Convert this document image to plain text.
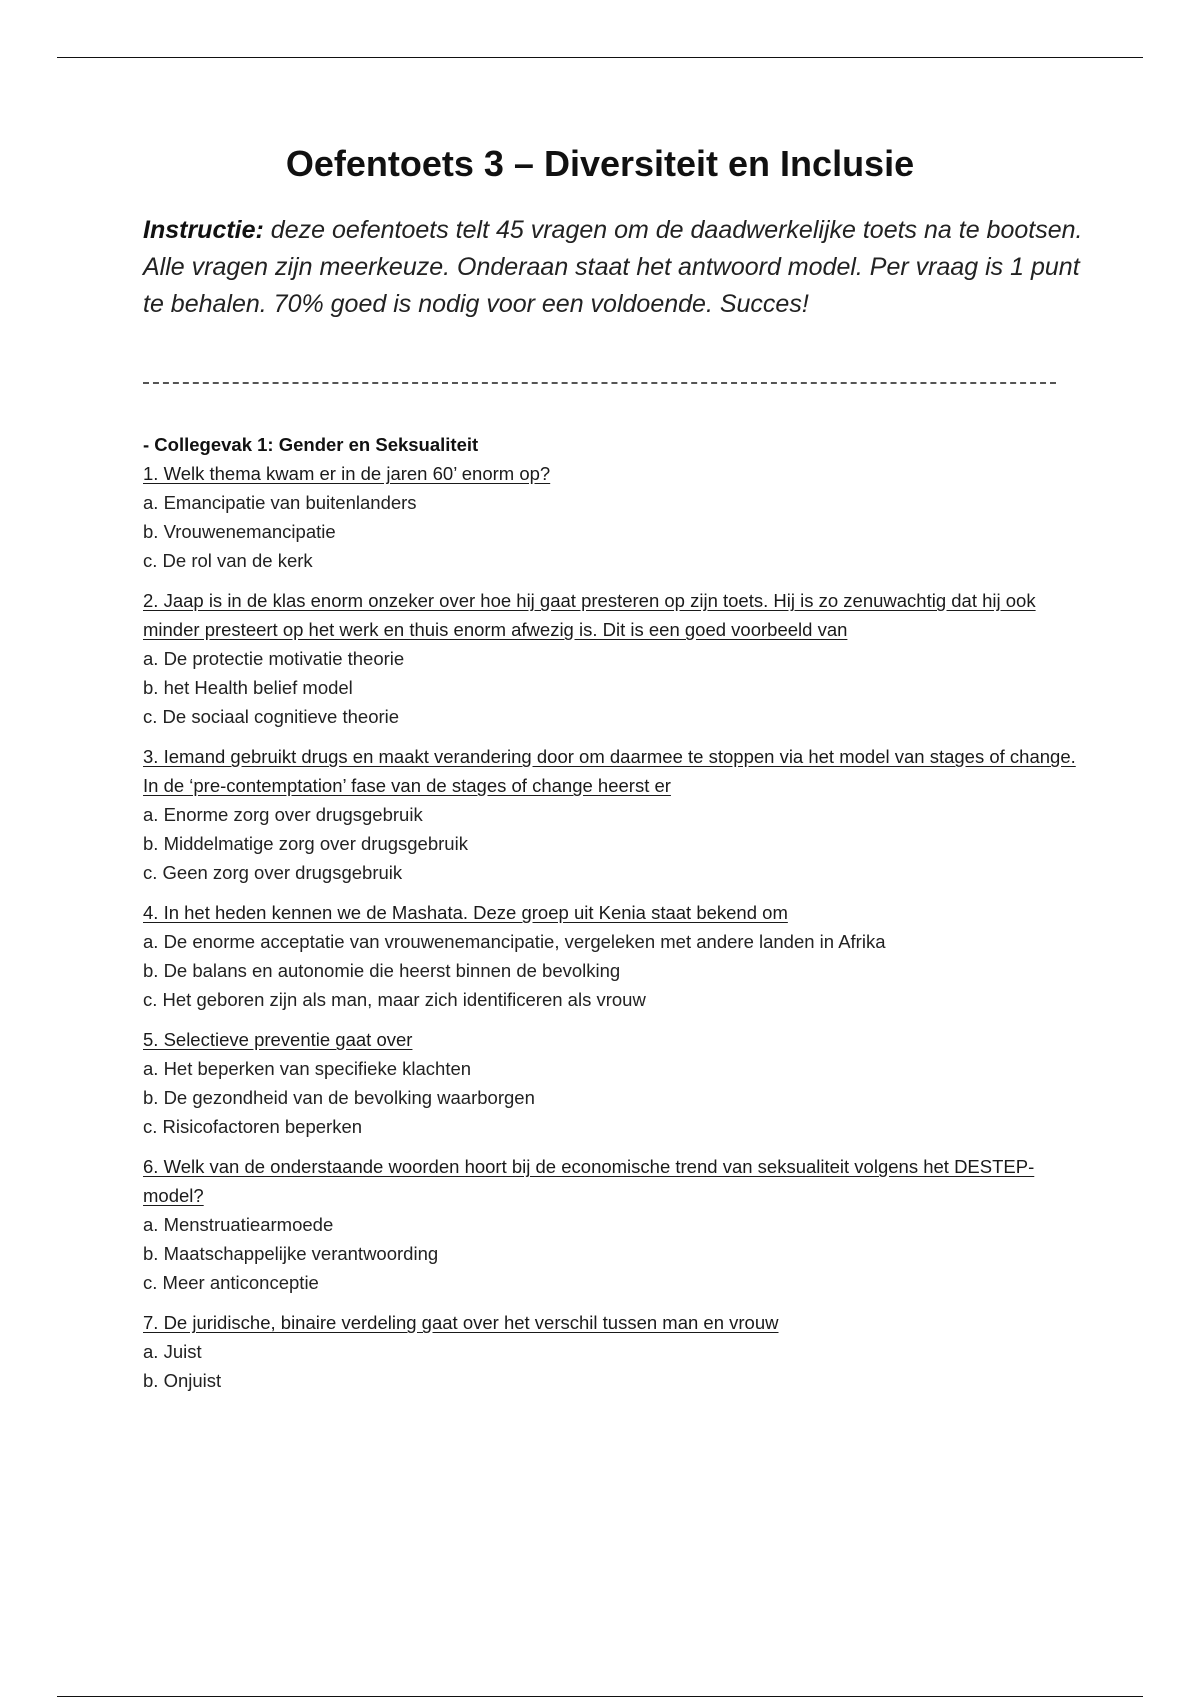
Oefentoets 3 – Diversiteit en Inclusie

Instructie: deze oefentoets telt 45 vragen om de daadwerkelijke toets na te bootsen. Alle vragen zijn meerkeuze. Onderaan staat het antwoord model. Per vraag is 1 punt te behalen. 70% goed is nodig voor een voldoende. Succes!

- Collegevak 1: Gender en Seksualiteit

1. Welk thema kwam er in de jaren 60’ enorm op?

a. Emancipatie van buitenlanders

b. Vrouwenemancipatie

c. De rol van de kerk

2. Jaap is in de klas enorm onzeker over hoe hij gaat presteren op zijn toets. Hij is zo zenuwachtig dat hij ook minder presteert op het werk en thuis enorm afwezig is. Dit is een goed voorbeeld van

a. De protectie motivatie theorie

b. het Health belief model

c. De sociaal cognitieve theorie

3. Iemand gebruikt drugs en maakt verandering door om daarmee te stoppen via het model van stages of change. In de ‘pre-contemptation’ fase van de stages of change heerst er

a. Enorme zorg over drugsgebruik

b. Middelmatige zorg over drugsgebruik

c. Geen zorg over drugsgebruik

4. In het heden kennen we de Mashata. Deze groep uit Kenia staat bekend om

a. De enorme acceptatie van vrouwenemancipatie, vergeleken met andere landen in Afrika

b. De balans en autonomie die heerst binnen de bevolking

c. Het geboren zijn als man, maar zich identificeren als vrouw

5. Selectieve preventie gaat over

a. Het beperken van specifieke klachten

b. De gezondheid van de bevolking waarborgen

c. Risicofactoren beperken

6. Welk van de onderstaande woorden hoort bij de economische trend van seksualiteit volgens het DESTEP-model?

a. Menstruatiearmoede

b. Maatschappelijke verantwoording

c. Meer anticonceptie

7. De juridische, binaire verdeling gaat over het verschil tussen man en vrouw

a. Juist

b. Onjuist
